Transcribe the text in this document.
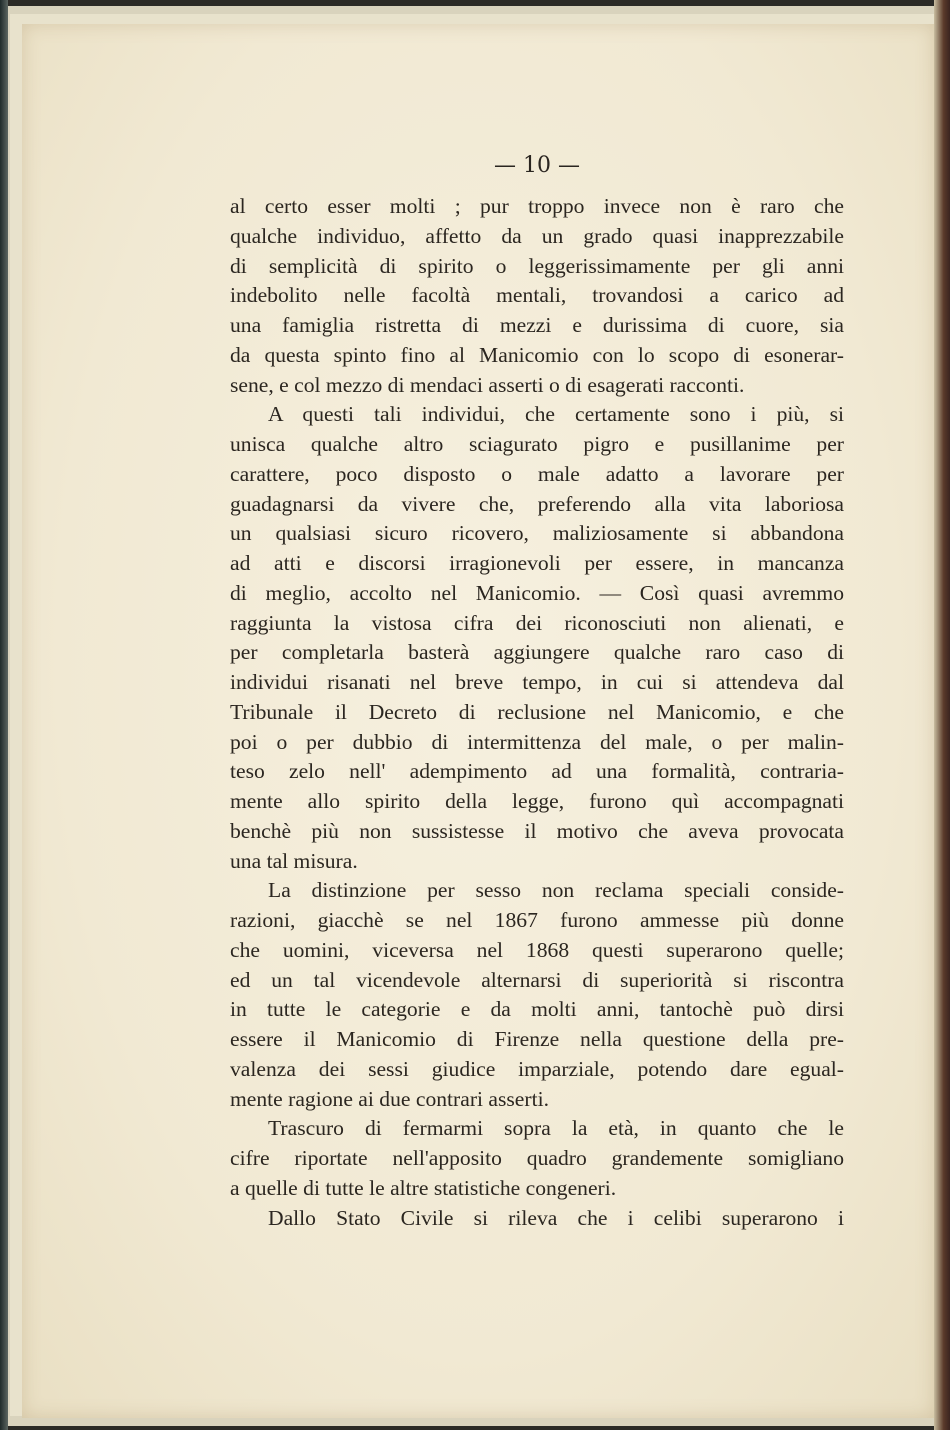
— 10 —
al certo esser molti ; pur troppo invece non è raro che
qualche individuo, affetto da un grado quasi inapprezzabile
di semplicità di spirito o leggerissimamente per gli anni
indebolito nelle facoltà mentali, trovandosi a carico ad
una famiglia ristretta di mezzi e durissima di cuore, sia
da questa spinto fino al Manicomio con lo scopo di esonerar-
sene, e col mezzo di mendaci asserti o di esagerati racconti.
A questi tali individui, che certamente sono i più, si
unisca qualche altro sciagurato pigro e pusillanime per
carattere, poco disposto o male adatto a lavorare per
guadagnarsi da vivere che, preferendo alla vita laboriosa
un qualsiasi sicuro ricovero, maliziosamente si abbandona
ad atti e discorsi irragionevoli per essere, in mancanza
di meglio, accolto nel Manicomio. — Così quasi avremmo
raggiunta la vistosa cifra dei riconosciuti non alienati, e
per completarla basterà aggiungere qualche raro caso di
individui risanati nel breve tempo, in cui si attendeva dal
Tribunale il Decreto di reclusione nel Manicomio, e che
poi o per dubbio di intermittenza del male, o per malin-
teso zelo nell' adempimento ad una formalità, contraria-
mente allo spirito della legge, furono quì accompagnati
benchè più non sussistesse il motivo che aveva provocata
una tal misura.
La distinzione per sesso non reclama speciali conside-
razioni, giacchè se nel 1867 furono ammesse più donne
che uomini, viceversa nel 1868 questi superarono quelle;
ed un tal vicendevole alternarsi di superiorità si riscontra
in tutte le categorie e da molti anni, tantochè può dirsi
essere il Manicomio di Firenze nella questione della pre-
valenza dei sessi giudice imparziale, potendo dare egual-
mente ragione ai due contrari asserti.
Trascuro di fermarmi sopra la età, in quanto che le
cifre riportate nell'apposito quadro grandemente somigliano
a quelle di tutte le altre statistiche congeneri.
Dallo Stato Civile si rileva che i celibi superarono i
